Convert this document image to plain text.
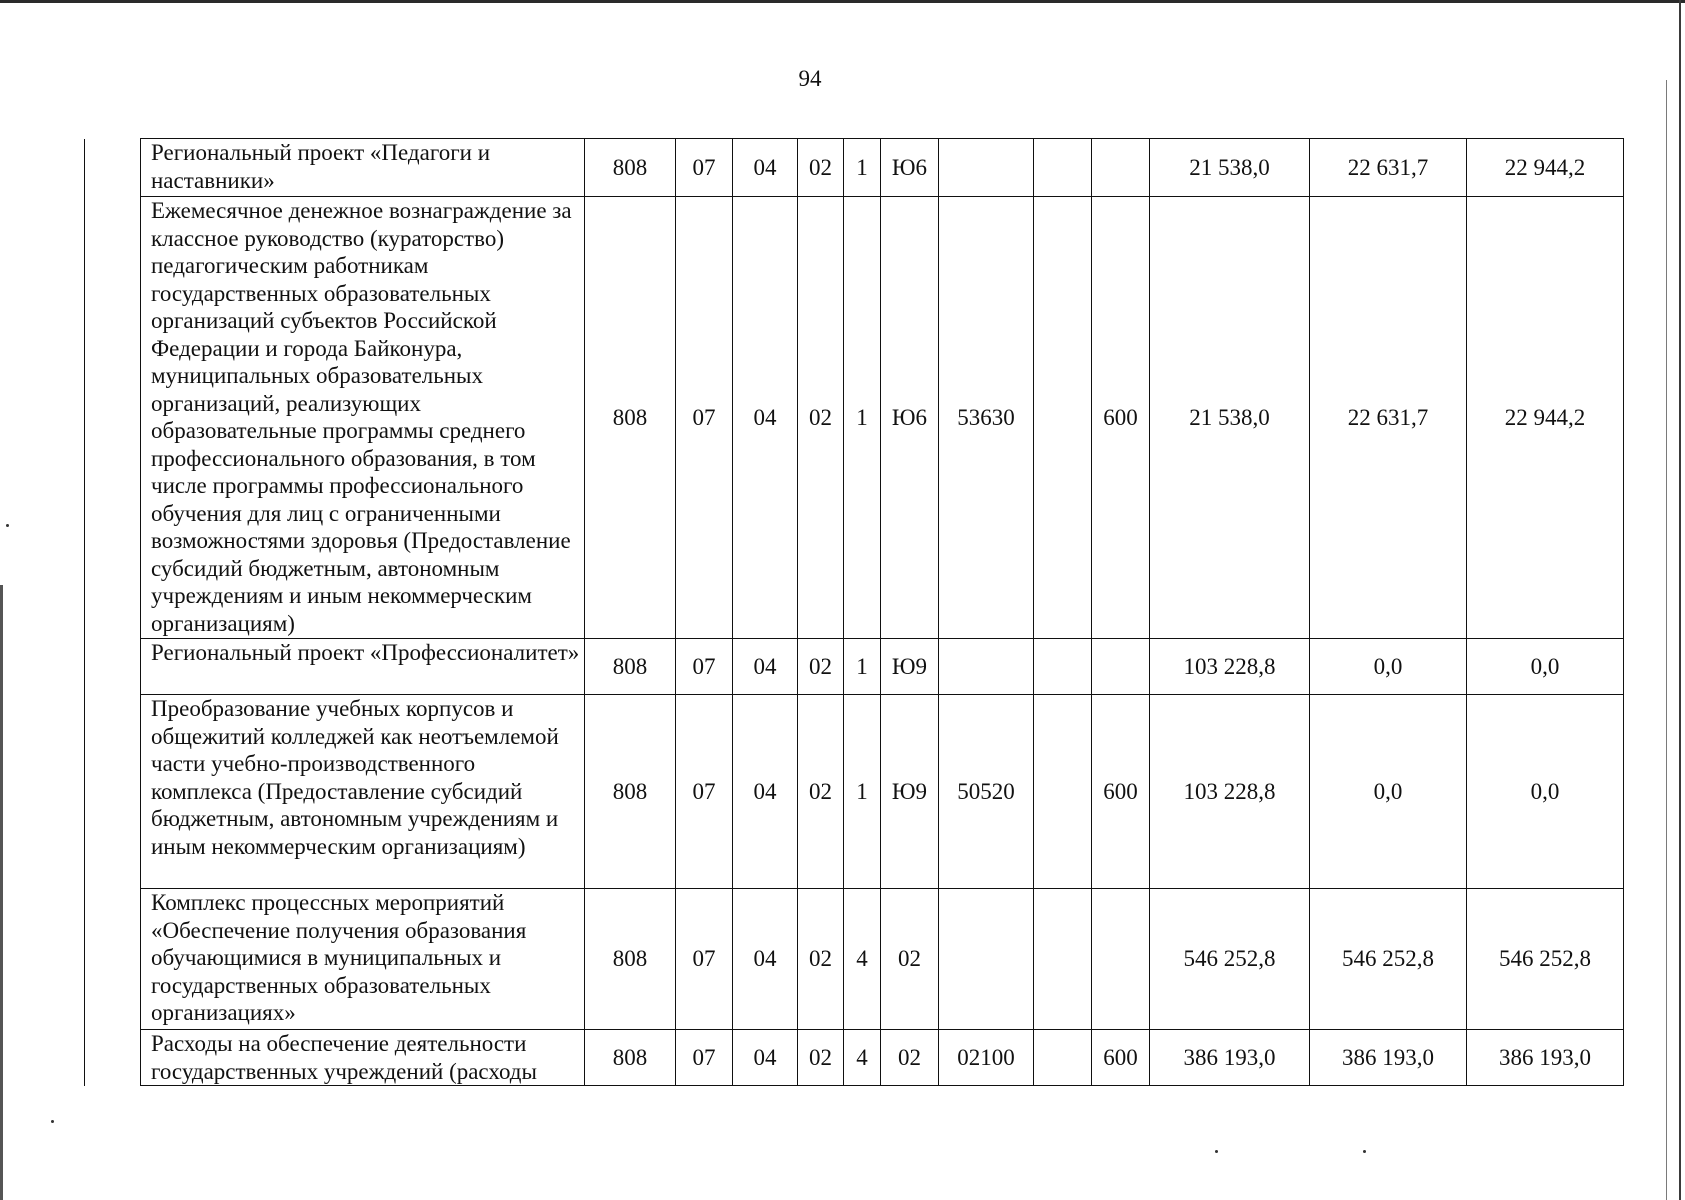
94
	Региональный проект «Педагоги и наставники»	808	07	04	02	1	Ю6				21 538,0	22 631,7	22 944,2
	Ежемесячное денежное вознаграждение за классное руководство (кураторство) педагогическим работникам государственных образовательных организаций субъектов Российской Федерации и города Байконура, муниципальных образовательных организаций, реализующих образовательные программы среднего профессионального образования, в том числе программы профессионального обучения для лиц с ограниченными возможностями здоровья (Предоставление субсидий бюджетным, автономным учреждениям и иным некоммерческим организациям)	808	07	04	02	1	Ю6	53630		600	21 538,0	22 631,7	22 944,2
	Региональный проект «Профессионалитет»	808	07	04	02	1	Ю9				103 228,8	0,0	0,0
	Преобразование учебных корпусов и общежитий колледжей как неотъемлемой части учебно-производственного комплекса (Предоставление субсидий бюджетным, автономным учреждениям и иным некоммерческим организациям)	808	07	04	02	1	Ю9	50520		600	103 228,8	0,0	0,0
	Комплекс процессных мероприятий «Обеспечение получения образования обучающимися в муниципальных и государственных образовательных организациях»	808	07	04	02	4	02				546 252,8	546 252,8	546 252,8

	Расходы на обеспечение деятельности государственных учреждений (расходы	808	07	04	02	4	02	02100		600	386 193,0	386 193,0	386 193,0
